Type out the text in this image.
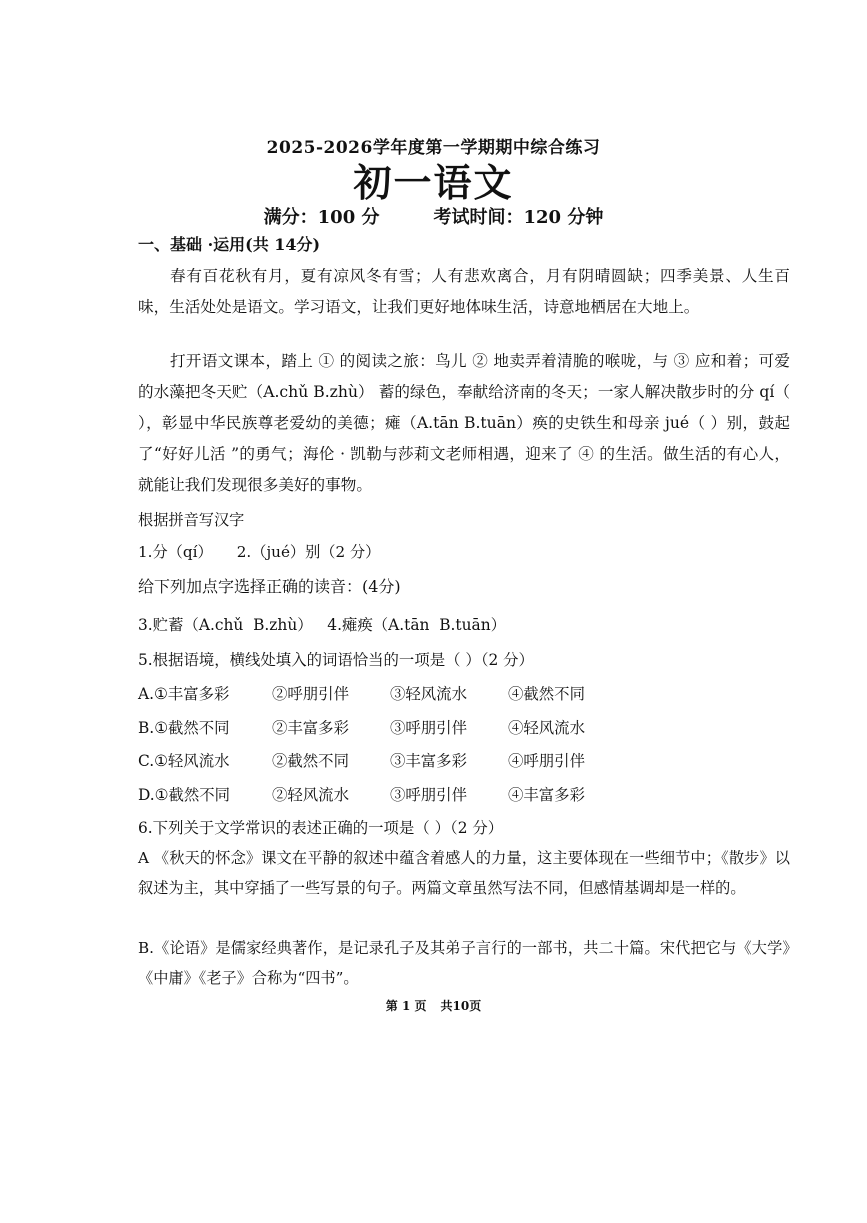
2025-2026学年度第一学期期中综合练习
初一语文
满分：100 分	考试时间：120 分钟
一、基础 ·运用(共 14分)

春有百花秋有月，夏有凉风冬有雪；人有悲欢离合，月有阴晴圆缺；四季美景、人生百味，生活处处是语文。学习语文，让我们更好地体味生活，诗意地栖居在大地上。

打开语文课本，踏上 ① 的阅读之旅：鸟儿 ② 地卖弄着清脆的喉咙，与 ③ 应和着；可爱的水藻把冬天贮（A.chǔ B.zhù） 蓄的绿色，奉献给济南的冬天；一家人解决散步时的分 qí（ ），彰显中华民族尊老爱幼的美德；瘫（A.tān B.tuān）痪的史铁生和母亲 jué（ ）别，鼓起了“好好儿活 ”的勇气；海伦 · 凯勒与莎莉文老师相遇，迎来了 ④ 的生活。做生活的有心人，就能让我们发现很多美好的事物。

根据拼音写汉字
1.分（qí）     2.（jué）别（2 分）
给下列加点字选择正确的读音：(4分)
3.贮蓄（A.chǔ  B.zhù）   4.瘫痪（A.tān  B.tuān）
5.根据语境，横线处填入的词语恰当的一项是（ ）（2 分）
A.①丰富多彩	②呼朋引伴	③轻风流水	④截然不同
B.①截然不同	②丰富多彩	③呼朋引伴	④轻风流水
C.①轻风流水	②截然不同	③丰富多彩	④呼朋引伴
D.①截然不同	②轻风流水	③呼朋引伴	④丰富多彩
6.下列关于文学常识的表述正确的一项是（ ）（2 分）

A 《秋天的怀念》课文在平静的叙述中蕴含着感人的力量，这主要体现在一些细节中；《散步》以叙述为主，其中穿插了一些写景的句子。两篇文章虽然写法不同，但感情基调却是一样的。

B.《论语》是儒家经典著作，是记录孔子及其弟子言行的一部书，共二十篇。宋代把它与《大学》《中庸》《老子》合称为“四书”。

第 1 页 共10页
